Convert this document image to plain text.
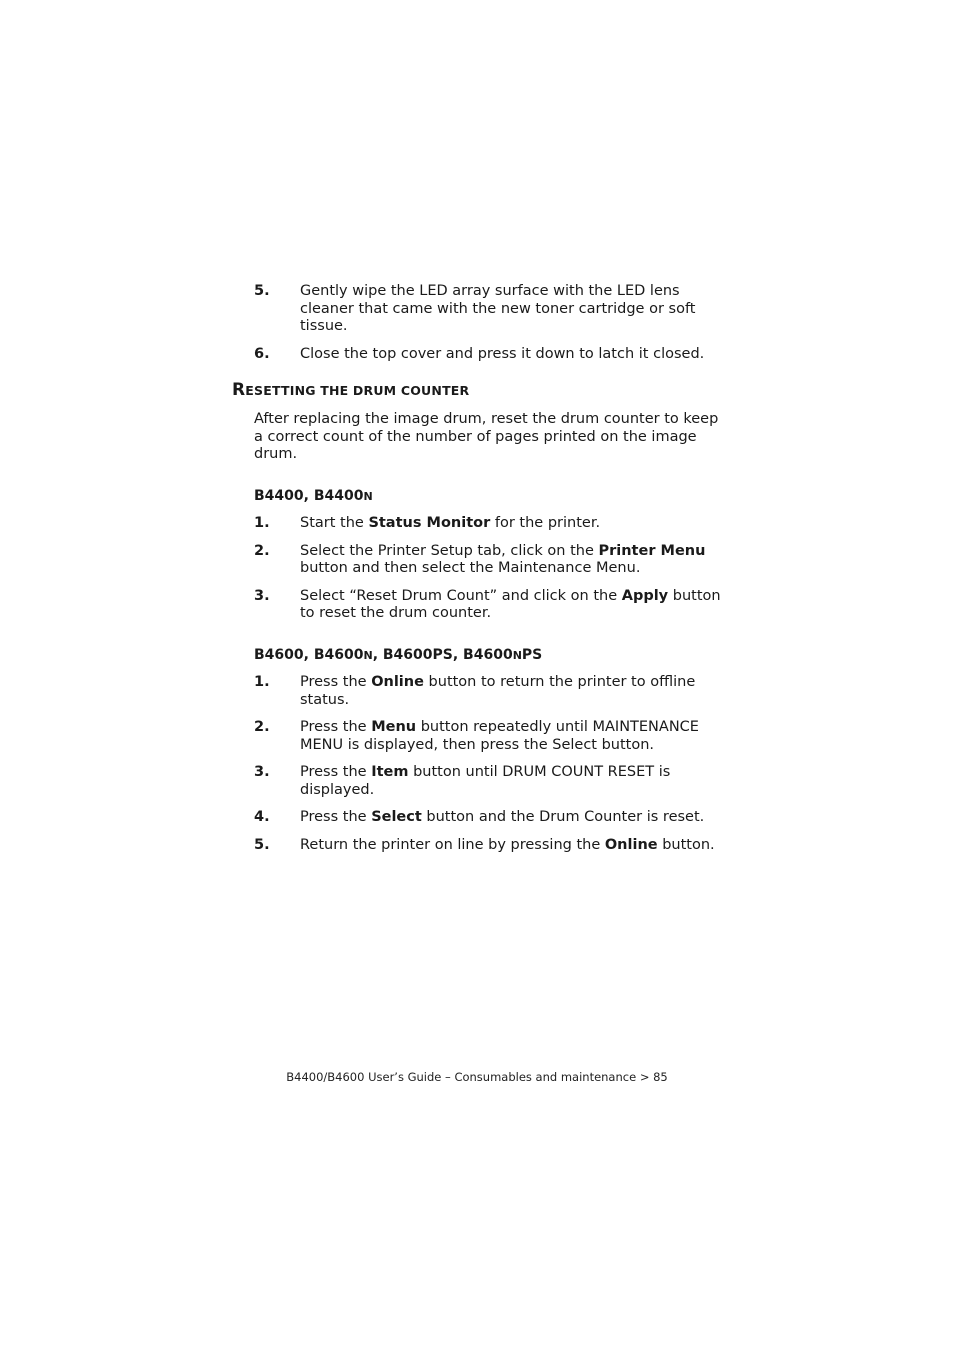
5. Gently wipe the LED array surface with the LED lens cleaner that came with the new toner cartridge or soft tissue.
6. Close the top cover and press it down to latch it closed.
RESETTING THE DRUM COUNTER
After replacing the image drum, reset the drum counter to keep a correct count of the number of pages printed on the image drum.
B4400, B4400N
1. Start the Status Monitor for the printer.
2. Select the Printer Setup tab, click on the Printer Menu button and then select the Maintenance Menu.
3. Select “Reset Drum Count” and click on the Apply button to reset the drum counter.
B4600, B4600N, B4600PS, B4600NPS
1. Press the Online button to return the printer to offline status.
2. Press the Menu button repeatedly until MAINTENANCE MENU is displayed, then press the Select button.
3. Press the Item button until DRUM COUNT RESET is displayed.
4. Press the Select button and the Drum Counter is reset.
5. Return the printer on line by pressing the Online button.
B4400/B4600 User’s Guide – Consumables and maintenance > 85
